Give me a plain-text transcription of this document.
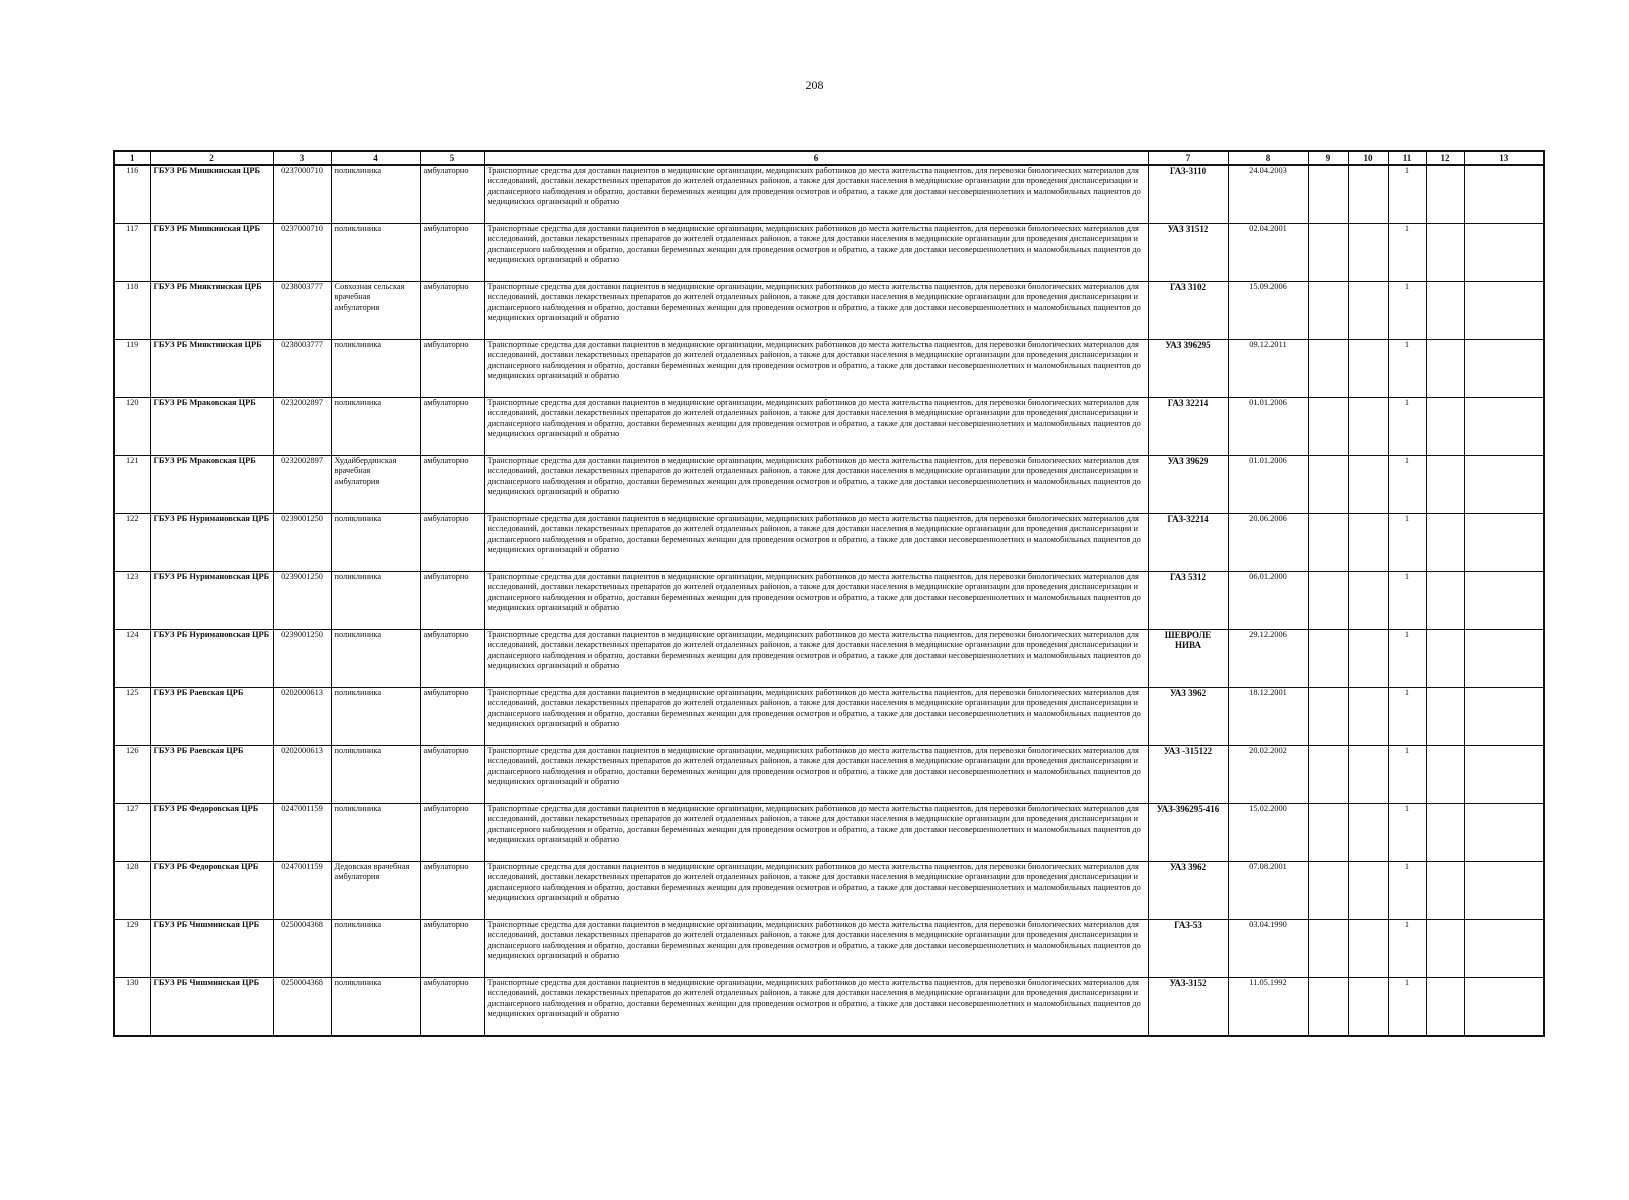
208
1	2	3	4	5	6	7	8	9	10	11	12	13
116	ГБУЗ РБ Мишкинская ЦРБ	0237000710	поликлиника	амбулаторно	Транспортные средства для доставки пациентов в медицинские организации, медицинских работников до места жительства пациентов, для перевозки биологических материалов для исследований, доставки лекарственных препаратов до жителей отдаленных районов, а также для доставки населения в медицинские организации для проведения диспансеризации и диспансерного наблюдения и обратно, доставки беременных женщин для проведения осмотров и обратно, а также для доставки несовершеннолетних и маломобильных пациентов до медицинских организаций и обратно	ГАЗ-3110	24.04.2003			1		
117	ГБУЗ РБ Мишкинская ЦРБ	0237000710	поликлиника	амбулаторно	Транспортные средства для доставки пациентов в медицинские организации, медицинских работников до места жительства пациентов, для перевозки биологических материалов для исследований, доставки лекарственных препаратов до жителей отдаленных районов, а также для доставки населения в медицинские организации для проведения диспансеризации и диспансерного наблюдения и обратно, доставки беременных женщин для проведения осмотров и обратно, а также для доставки несовершеннолетних и маломобильных пациентов до медицинских организаций и обратно	УАЗ 31512	02.04.2001			1		
118	ГБУЗ РБ Мияктинская ЦРБ	0238003777	Совхозная сельская врачебная амбулатория	амбулаторно	Транспортные средства для доставки пациентов в медицинские организации, медицинских работников до места жительства пациентов, для перевозки биологических материалов для исследований, доставки лекарственных препаратов до жителей отдаленных районов, а также для доставки населения в медицинские организации для проведения диспансеризации и диспансерного наблюдения и обратно, доставки беременных женщин для проведения осмотров и обратно, а также для доставки несовершеннолетних и маломобильных пациентов до медицинских организаций и обратно	ГАЗ 3102	15.09.2006			1		
119	ГБУЗ РБ Мияктинская ЦРБ	0238003777	поликлиника	амбулаторно	Транспортные средства для доставки пациентов в медицинские организации, медицинских работников до места жительства пациентов, для перевозки биологических материалов для исследований, доставки лекарственных препаратов до жителей отдаленных районов, а также для доставки населения в медицинские организации для проведения диспансеризации и диспансерного наблюдения и обратно, доставки беременных женщин для проведения осмотров и обратно, а также для доставки несовершеннолетних и маломобильных пациентов до медицинских организаций и обратно	УАЗ 396295	09.12.2011			1		
120	ГБУЗ РБ Мраковская ЦРБ	0232002897	поликлиника	амбулаторно	Транспортные средства для доставки пациентов в медицинские организации, медицинских работников до места жительства пациентов, для перевозки биологических материалов для исследований, доставки лекарственных препаратов до жителей отдаленных районов, а также для доставки населения в медицинские организации для проведения диспансеризации и диспансерного наблюдения и обратно, доставки беременных женщин для проведения осмотров и обратно, а также для доставки несовершеннолетних и маломобильных пациентов до медицинских организаций и обратно	ГАЗ 32214	01.01.2006			1		
121	ГБУЗ РБ Мраковская ЦРБ	0232002897	Худайбердинская врачебная амбулатория	амбулаторно	Транспортные средства для доставки пациентов в медицинские организации, медицинских работников до места жительства пациентов, для перевозки биологических материалов для исследований, доставки лекарственных препаратов до жителей отдаленных районов, а также для доставки населения в медицинские организации для проведения диспансеризации и диспансерного наблюдения и обратно, доставки беременных женщин для проведения осмотров и обратно, а также для доставки несовершеннолетних и маломобильных пациентов до медицинских организаций и обратно	УАЗ 39629	01.01.2006			1		
122	ГБУЗ РБ Нуримановская ЦРБ	0239001250	поликлиника	амбулаторно	Транспортные средства для доставки пациентов в медицинские организации, медицинских работников до места жительства пациентов, для перевозки биологических материалов для исследований, доставки лекарственных препаратов до жителей отдаленных районов, а также для доставки населения в медицинские организации для проведения диспансеризации и диспансерного наблюдения и обратно, доставки беременных женщин для проведения осмотров и обратно, а также для доставки несовершеннолетних и маломобильных пациентов до медицинских организаций и обратно	ГАЗ-32214	20.06.2006			1		
123	ГБУЗ РБ Нуримановская ЦРБ	0239001250	поликлиника	амбулаторно	Транспортные средства для доставки пациентов в медицинские организации, медицинских работников до места жительства пациентов, для перевозки биологических материалов для исследований, доставки лекарственных препаратов до жителей отдаленных районов, а также для доставки населения в медицинские организации для проведения диспансеризации и диспансерного наблюдения и обратно, доставки беременных женщин для проведения осмотров и обратно, а также для доставки несовершеннолетних и маломобильных пациентов до медицинских организаций и обратно	ГАЗ 5312	06.01.2000			1		
124	ГБУЗ РБ Нуримановская ЦРБ	0239001250	поликлиника	амбулаторно	Транспортные средства для доставки пациентов в медицинские организации, медицинских работников до места жительства пациентов, для перевозки биологических материалов для исследований, доставки лекарственных препаратов до жителей отдаленных районов, а также для доставки населения в медицинские организации для проведения диспансеризации и диспансерного наблюдения и обратно, доставки беременных женщин для проведения осмотров и обратно, а также для доставки несовершеннолетних и маломобильных пациентов до медицинских организаций и обратно	ШЕВРОЛЕ НИВА	29.12.2006			1		
125	ГБУЗ РБ Раевская ЦРБ	0202000613	поликлиника	амбулаторно	Транспортные средства для доставки пациентов в медицинские организации, медицинских работников до места жительства пациентов, для перевозки биологических материалов для исследований, доставки лекарственных препаратов до жителей отдаленных районов, а также для доставки населения в медицинские организации для проведения диспансеризации и диспансерного наблюдения и обратно, доставки беременных женщин для проведения осмотров и обратно, а также для доставки несовершеннолетних и маломобильных пациентов до медицинских организаций и обратно	УАЗ 3962	18.12.2001			1		
126	ГБУЗ РБ Раевская ЦРБ	0202000613	поликлиника	амбулаторно	Транспортные средства для доставки пациентов в медицинские организации, медицинских работников до места жительства пациентов, для перевозки биологических материалов для исследований, доставки лекарственных препаратов до жителей отдаленных районов, а также для доставки населения в медицинские организации для проведения диспансеризации и диспансерного наблюдения и обратно, доставки беременных женщин для проведения осмотров и обратно, а также для доставки несовершеннолетних и маломобильных пациентов до медицинских организаций и обратно	УАЗ -315122	20.02.2002			1		
127	ГБУЗ РБ Федоровская ЦРБ	0247001159	поликлиника	амбулаторно	Транспортные средства для доставки пациентов в медицинские организации, медицинских работников до места жительства пациентов, для перевозки биологических материалов для исследований, доставки лекарственных препаратов до жителей отдаленных районов, а также для доставки населения в медицинские организации для проведения диспансеризации и диспансерного наблюдения и обратно, доставки беременных женщин для проведения осмотров и обратно, а также для доставки несовершеннолетних и маломобильных пациентов до медицинских организаций и обратно	УАЗ-396295-416	15.02.2000			1		
128	ГБУЗ РБ Федоровская ЦРБ	0247001159	Дедовская врачебная амбулатория	амбулаторно	Транспортные средства для доставки пациентов в медицинские организации, медицинских работников до места жительства пациентов, для перевозки биологических материалов для исследований, доставки лекарственных препаратов до жителей отдаленных районов, а также для доставки населения в медицинские организации для проведения диспансеризации и диспансерного наблюдения и обратно, доставки беременных женщин для проведения осмотров и обратно, а также для доставки несовершеннолетних и маломобильных пациентов до медицинских организаций и обратно	УАЗ 3962	07.08.2001			1		
129	ГБУЗ РБ Чишминская ЦРБ	0250004368	поликлиника	амбулаторно	Транспортные средства для доставки пациентов в медицинские организации, медицинских работников до места жительства пациентов, для перевозки биологических материалов для исследований, доставки лекарственных препаратов до жителей отдаленных районов, а также для доставки населения в медицинские организации для проведения диспансеризации и диспансерного наблюдения и обратно, доставки беременных женщин для проведения осмотров и обратно, а также для доставки несовершеннолетних и маломобильных пациентов до медицинских организаций и обратно	ГАЗ-53	03.04.1990			1		
130	ГБУЗ РБ Чишминская ЦРБ	0250004368	поликлиника	амбулаторно	Транспортные средства для доставки пациентов в медицинские организации, медицинских работников до места жительства пациентов, для перевозки биологических материалов для исследований, доставки лекарственных препаратов до жителей отдаленных районов, а также для доставки населения в медицинские организации для проведения диспансеризации и диспансерного наблюдения и обратно, доставки беременных женщин для проведения осмотров и обратно, а также для доставки несовершеннолетних и маломобильных пациентов до медицинских организаций и обратно	УАЗ-3152	11.05.1992			1		
